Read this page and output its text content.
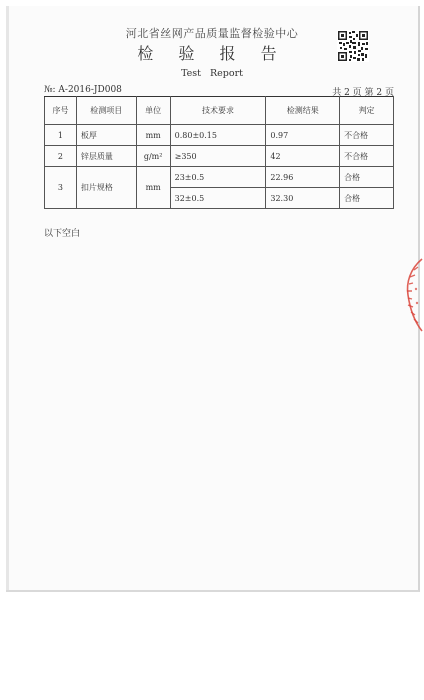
河北省丝网产品质量监督检验中心
检 验 报 告
Test Report
№: A-2016-JD008	共 2 页 第 2 页
序号	检测项目	单位	技术要求	检测结果	判定
1	板厚	mm	0.80±0.15	0.97	不合格
2	锌层质量	g/m²	≥350	42	不合格
3	扣片规格	mm	23±0.5	22.96	合格
			32±0.5	32.30	合格
以下空白
